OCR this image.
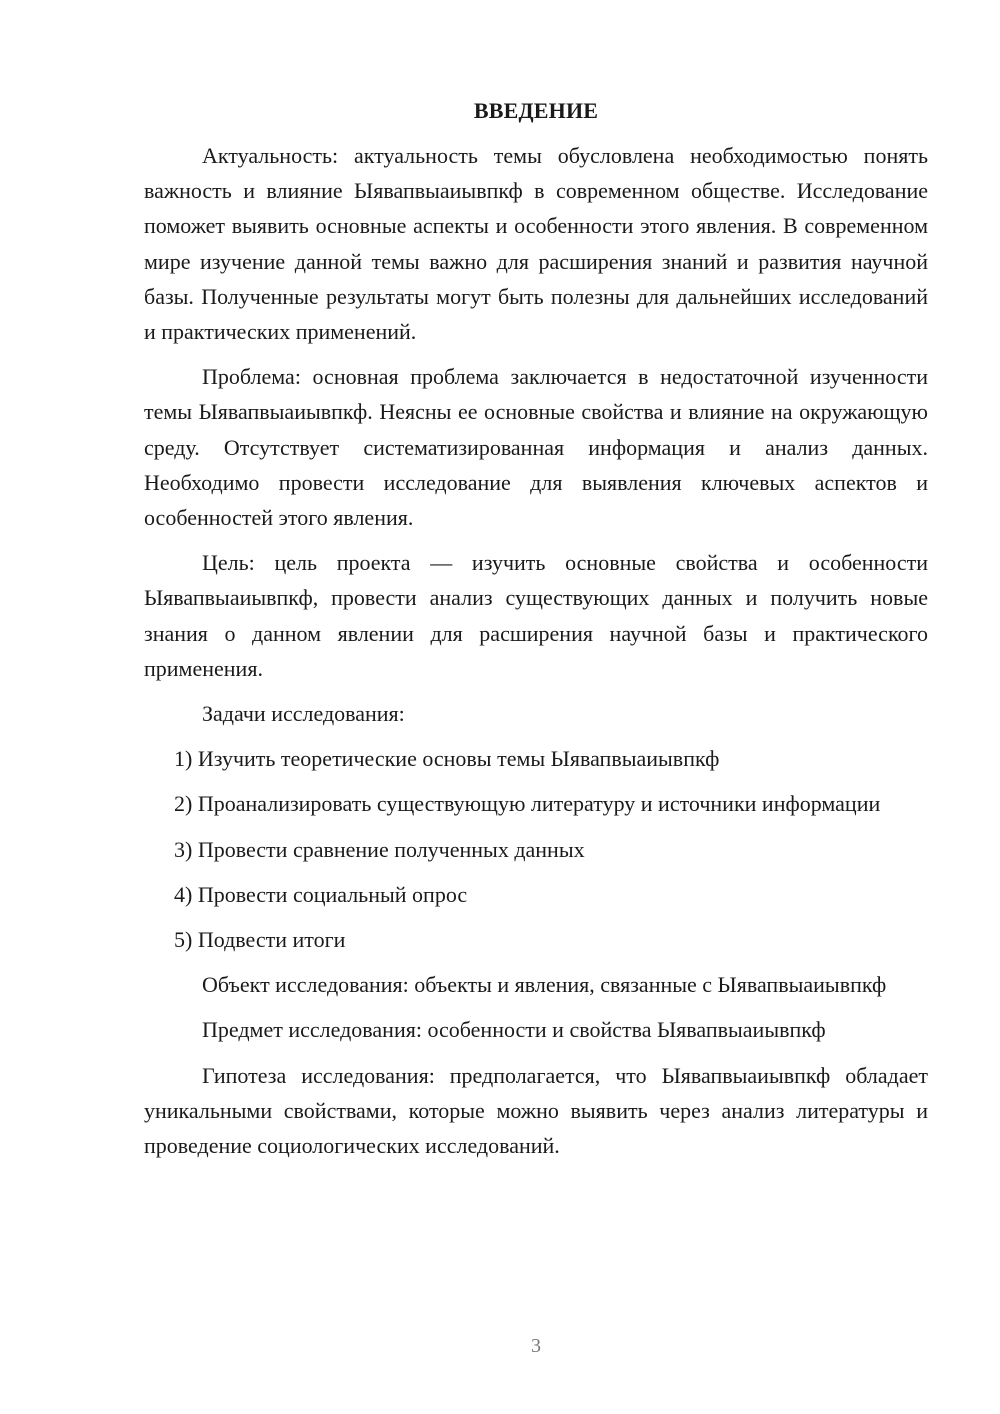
ВВЕДЕНИЕ

Актуальность: актуальность темы обусловлена необходимостью понять важность и влияние Ыявапвыаиывпкф в современном обществе. Исследование поможет выявить основные аспекты и особенности этого явления. В современном мире изучение данной темы важно для расширения знаний и развития научной базы. Полученные результаты могут быть полезны для дальнейших исследований и практических применений.

Проблема: основная проблема заключается в недостаточной изученности темы Ыявапвыаиывпкф. Неясны ее основные свойства и влияние на окружающую среду. Отсутствует систематизированная информация и анализ данных. Необходимо провести исследование для выявления ключевых аспектов и особенностей этого явления.

Цель: цель проекта — изучить основные свойства и особенности Ыявапвыаиывпкф, провести анализ существующих данных и получить новые знания о данном явлении для расширения научной базы и практического применения.

Задачи исследования:

1) Изучить теоретические основы темы Ыявапвыаиывпкф

2) Проанализировать существующую литературу и источники информации

3) Провести сравнение полученных данных

4) Провести социальный опрос

5) Подвести итоги

Объект исследования: объекты и явления, связанные с Ыявапвыаиывпкф

Предмет исследования: особенности и свойства Ыявапвыаиывпкф

Гипотеза исследования: предполагается, что Ыявапвыаиывпкф обладает уникальными свойствами, которые можно выявить через анализ литературы и проведение социологических исследований.

3
